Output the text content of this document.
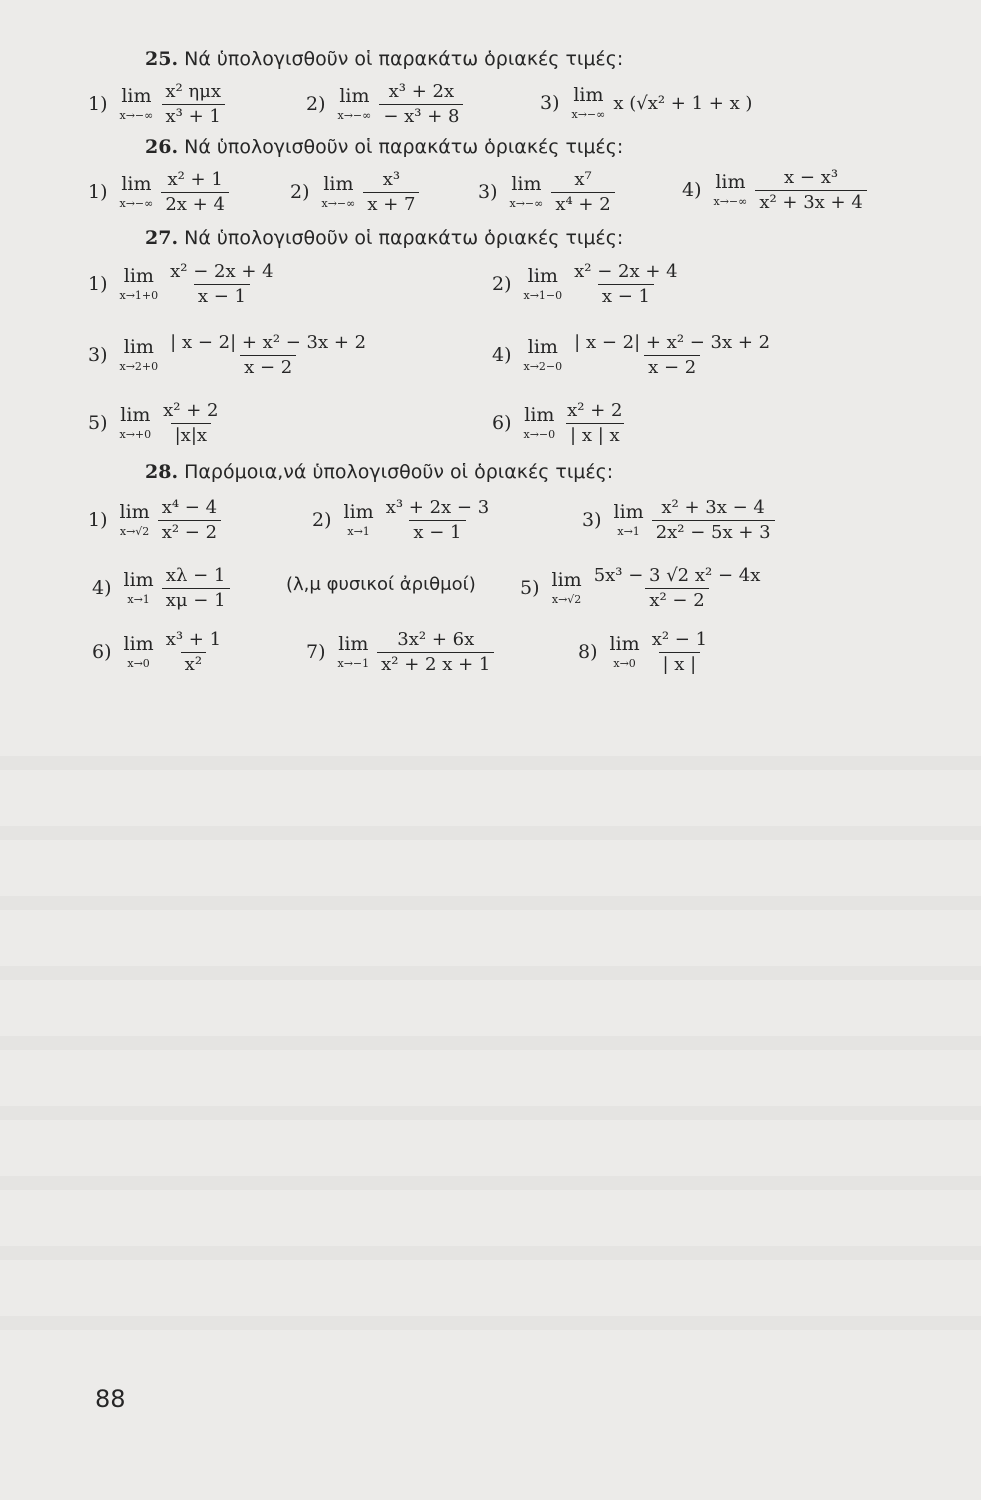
25. Νά ὑπολογισθοῦν οἱ παρακάτω ὁριακές τιμές:
1) lim
$x\to-\infty \frac{\text{x² ημx}}{\text{x³ + 1}}$	2) lim
$x\to-\infty \frac{\text{x³ + 2x}}{\text{− x³ + 8}}$	3) lim
x→−∞
x (√x² + 1 + x )
26. Νά ὑπολογισθοῦν οἱ παρακάτω ὁριακές τιμές:
1) lim
$x\to-\infty \frac{\text{x² + 1}}{2x + 4}$	2) lim
$x\to-\infty \frac{\text{x³}}{x + 7}$	3) lim
$x\to-\infty \frac{\text{x⁷}}{\text{x⁴ + 2}}$	4) lim
$x\to-\infty \frac{\text{x − x³}}{\text{x² + 3x + 4}}$
27. Νά ὑπολογισθοῦν οἱ παρακάτω ὁριακές τιμές:
1) lim
$x\to 1+0 \frac{\text{x² − 2x + 4}}{x - 1}$	2) lim
$x\to 1-0 \frac{\text{x² − 2x + 4}}{x - 1}$
3) lim
$x\to 2+0 \frac{\text{| x − 2| + x² − 3x + 2}}{x - 2}$	4) lim
$x\to 2-0 \frac{\text{| x − 2| + x² − 3x + 2}}{x - 2}$
5) lim
$x\to+0 \frac{\text{x² + 2}}{|x|x}$	6) lim
$x\to-0 \frac{\text{x² + 2}}{| x | x}$
28. Παρόμοια,νά ὑπολογισθοῦν οἱ ὁριακές τιμές:
1) lim
$x\to√2 \frac{\text{x⁴ − 4}}{\text{x² − 2}}$	2) lim
$x\to 1 \frac{\text{x³ + 2x − 3}}{x - 1}$	3) lim
$x\to 1 \frac{\text{x² + 3x − 4}}{\text{2x² − 5x + 3}}$
4) lim
$x\to 1 \frac{x\lambda - 1}{x\mu - 1}$	(λ,μ φυσικοί ἀριθμοί) 5) lim
$x\to√2 \frac{\text{5x³ − 3 √2 x² − 4x}}{\text{x² − 2}}$
6) lim
$x\to 0 \frac{\text{x³ + 1}}{\text{x²}}$	7) lim
$x\to-1 \frac{\text{3x² + 6x}}{\text{x² + 2 x + 1}}$	8) lim
$x\to 0 \frac{\text{x² − 1}}{| x |}$
88
